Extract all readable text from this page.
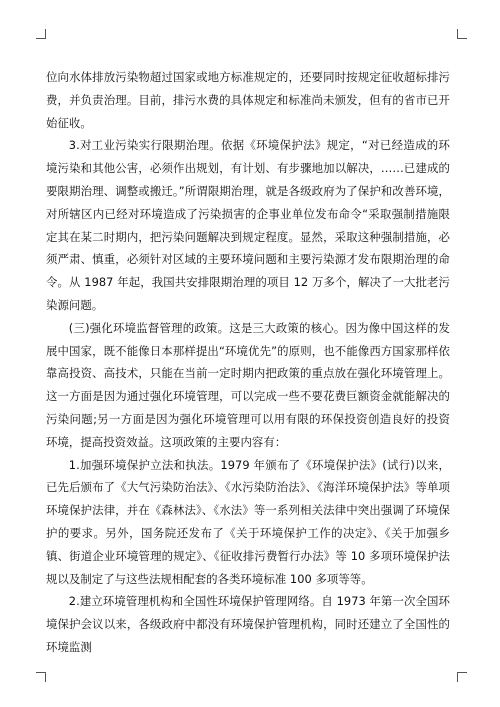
位向水体排放污染物超过国家或地方标准规定的，还要同时按规定征收超标排污费，并负责治理。目前，排污水费的具体规定和标准尚未颁发，但有的省市已开始征收。

3.对工业污染实行限期治理。依据《环境保护法》规定，“对已经造成的环境污染和其他公害，必须作出规划，有计划、有步骤地加以解决，……已建成的要限期治理、调整或搬迁。”所谓限期治理，就是各级政府为了保护和改善环境，对所辖区内已经对环境造成了污染损害的企事业单位发布命令“采取强制措施限定其在某二时期内，把污染问题解决到规定程度。显然，采取这种强制措施，必须严肃、慎重，必须针对区域的主要环境问题和主要污染源才发布限期治理的命令。从 1987 年起，我国共安排限期治理的项目 12 万多个，解决了一大批老污染源问题。

(三)强化环境监督管理的政策。这是三大政策的核心。因为像中国这样的发展中国家，既不能像日本那样提出“环境优先”的原则，也不能像西方国家那样依靠高投资、高技术，只能在当前一定时期内把政策的重点放在强化环境管理上。这一方面是因为通过强化环境管理，可以完成一些不要花费巨额资金就能解决的污染问题;另一方面是因为强化环境管理可以用有限的环保投资创造良好的投资环境，提高投资效益。这项政策的主要内容有：

1.加强环境保护立法和执法。1979 年颁布了《环境保护法》(试行)以来，已先后颁布了《大气污染防治法》、《水污染防治法》、《海洋环境保护法》等单项环境保护法律，并在《森林法》、《水法》等一系列相关法律中突出强调了环境保护的要求。另外，国务院还发布了《关于环境保护工作的决定》、《关于加强乡镇、街道企业环境管理的规定》、《征收排污费暂行办法》等 10 多项环境保护法规以及制定了与这些法规相配套的各类环境标准 100 多项等等。

2.建立环境管理机构和全国性环境保护管理网络。自 1973 年第一次全国环境保护会议以来，各级政府中都没有环境保护管理机构，同时还建立了全国性的环境监测
